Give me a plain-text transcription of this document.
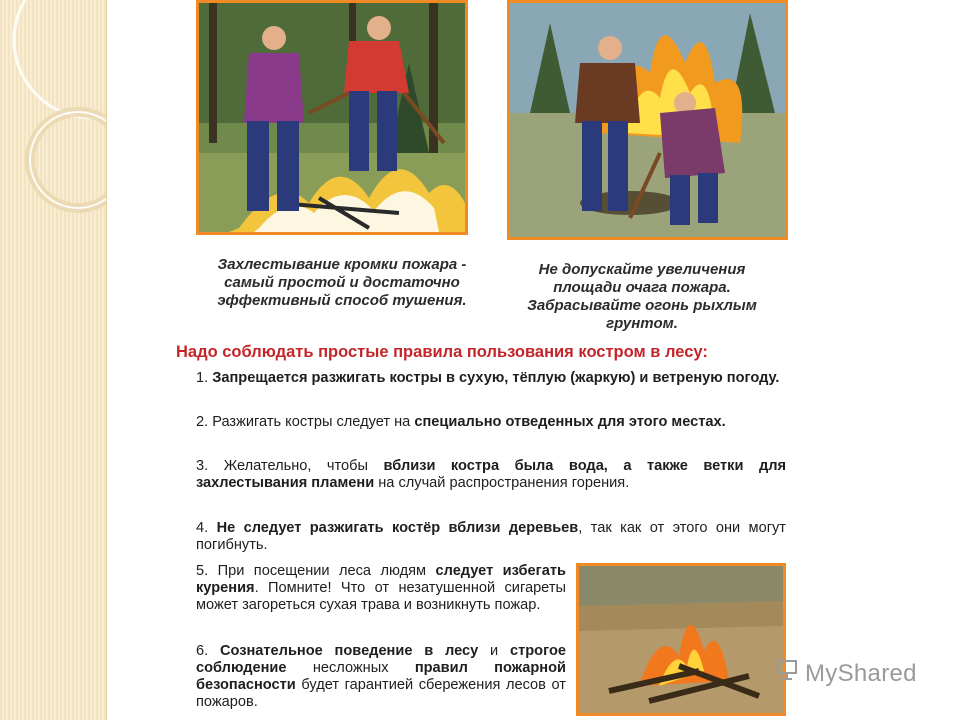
Захлестывание кромки пожара - самый простой и достаточно эффективный способ тушения.
Не допускайте увеличения площади очага пожара. Забрасывайте огонь рыхлым грунтом.
Надо соблюдать простые правила пользования костром в лесу:
1. Запрещается разжигать костры в сухую, тёплую (жаркую) и ветреную погоду.
2. Разжигать костры следует на специально отведенных для этого местах.
3. Желательно, чтобы вблизи костра была вода, а также ветки для захлестывания пламени на случай распространения горения.
4. Не следует разжигать костёр вблизи деревьев, так как от этого они могут погибнуть.
5. При посещении леса людям следует избегать курения. Помните! Что от незатушенной сигареты может загореться сухая трава и возникнуть пожар.
6. Сознательное поведение в лесу и строгое соблюдение несложных правил пожарной безопасности будет гарантией сбережения лесов от пожаров.
MyShared
